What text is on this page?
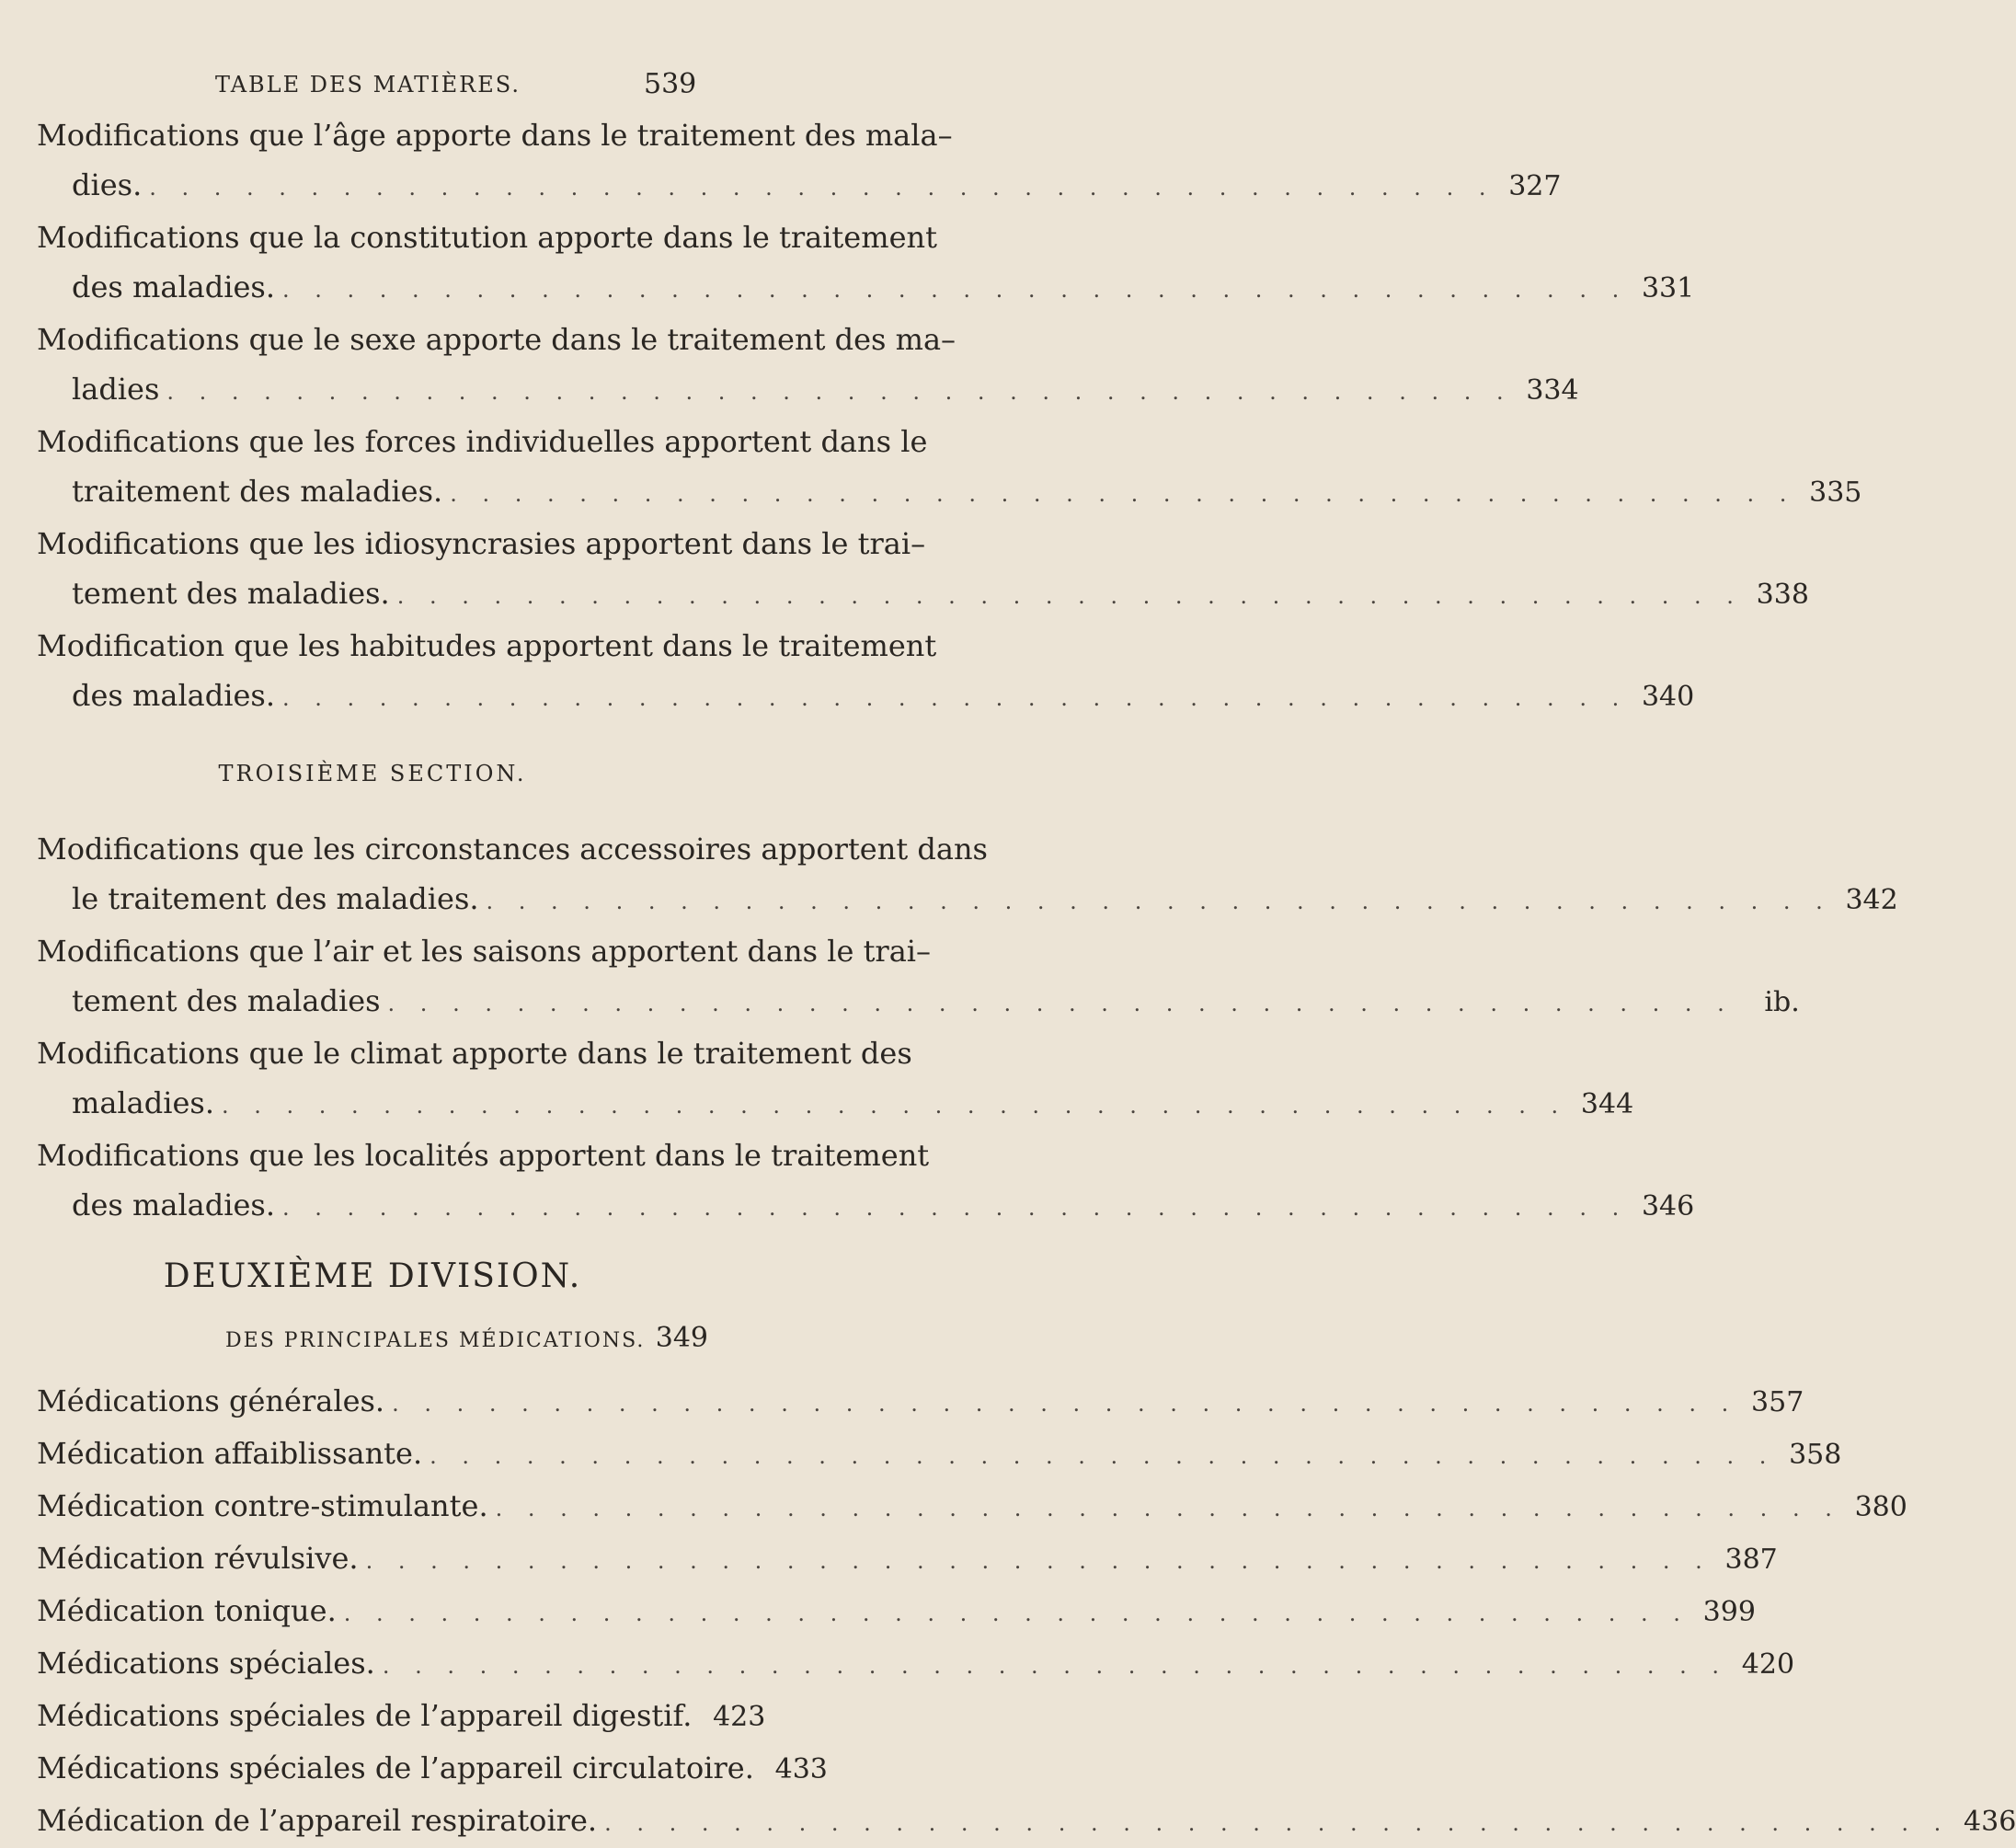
TABLE DES MATIÈRES.	539
Modifications que l’âge apporte dans le traitement des mala–
dies. . . .	327
Modifications que la constitution apporte dans le traitement
des maladies. . . .	331
Modifications que le sexe apporte dans le traitement des ma–
ladies . . .	334
Modifications que les forces individuelles apportent dans le
traitement des maladies. . . .	335
Modifications que les idiosyncrasies apportent dans le trai–
tement des maladies. . . .	338
Modification que les habitudes apportent dans le traitement
des maladies. . . .	340
TROISIÈME SECTION.
Modifications que les circonstances accessoires apportent dans
le traitement des maladies. . . .	342
Modifications que l’air et les saisons apportent dans le trai–
tement des maladies . . .	ib.
Modifications que le climat apporte dans le traitement des
maladies. . . .	344
Modifications que les localités apportent dans le traitement
des maladies. . . .	346
DEUXIÈME DIVISION.
DES PRINCIPALES MÉDICATIONS. 349
Médications générales. . . .	357
Médication affaiblissante. . . .	358
Médication contre-stimulante. . . .	380
Médication révulsive. . . .	387
Médication tonique. . . .	399
Médications spéciales. . . .	420
Médications spéciales de l’appareil digestif. 423
Médications spéciales de l’appareil circulatoire. 433
Médication de l’appareil respiratoire. . . .	436
